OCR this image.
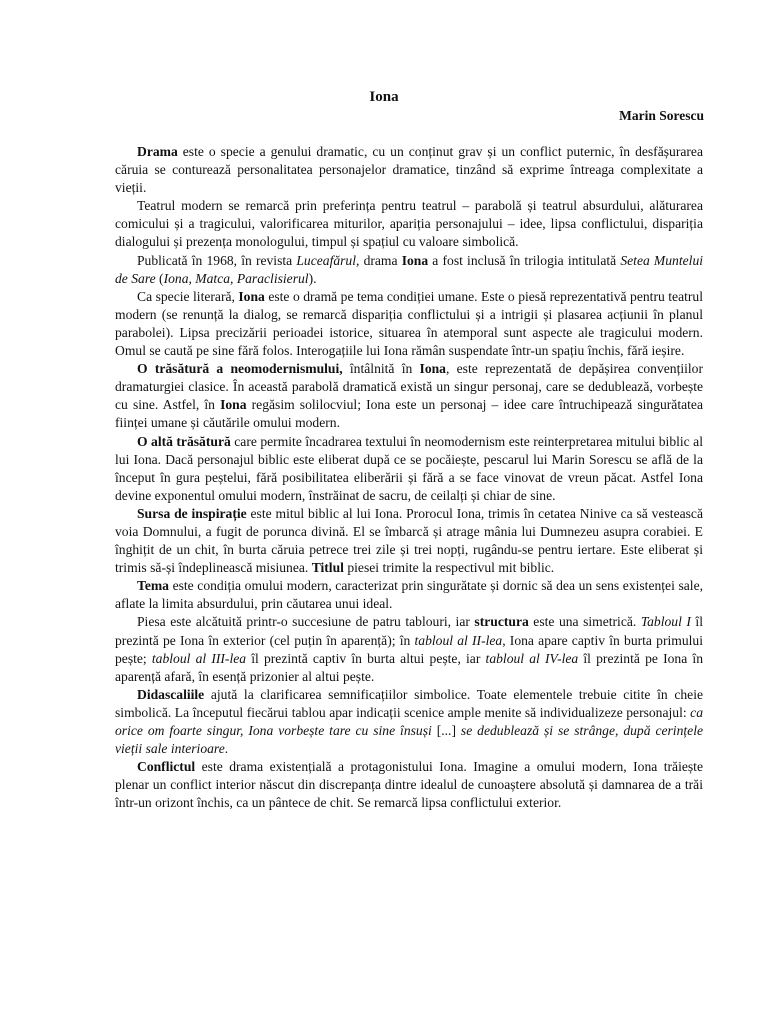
Iona
Marin Sorescu

Drama este o specie a genului dramatic, cu un conținut grav și un conflict puternic, în desfășurarea căruia se conturează personalitatea personajelor dramatice, tinzând să exprime întreaga complexitate a vieții.

Teatrul modern se remarcă prin preferința pentru teatrul – parabolă și teatrul absurdului, alăturarea comicului și a tragicului, valorificarea miturilor, apariția personajului – idee, lipsa conflictului, dispariția dialogului și prezența monologului, timpul și spațiul cu valoare simbolică.

Publicată în 1968, în revista Luceafărul, drama Iona a fost inclusă în trilogia intitulată Setea Muntelui de Sare (Iona, Matca, Paraclisierul).

Ca specie literară, Iona este o dramă pe tema condiției umane. Este o piesă reprezentativă pentru teatrul modern (se renunță la dialog, se remarcă dispariția conflictului și a intrigii și plasarea acțiunii în planul parabolei). Lipsa precizării perioadei istorice, situarea în atemporal sunt aspecte ale tragicului modern. Omul se caută pe sine fără folos. Interogațiile lui Iona rămân suspendate într-un spațiu închis, fără ieșire.

O trăsătură a neomodernismului, întâlnită în Iona, este reprezentată de depășirea convențiilor dramaturgiei clasice. În această parabolă dramatică există un singur personaj, care se dedublează, vorbește cu sine. Astfel, în Iona regăsim solilocviul; Iona este un personaj – idee care întruchipează singurătatea ființei umane și căutările omului modern.

O altă trăsătură care permite încadrarea textului în neomodernism este reinterpretarea mitului biblic al lui Iona. Dacă personajul biblic este eliberat după ce se pocăiește, pescarul lui Marin Sorescu se află de la început în gura peștelui, fără posibilitatea eliberării și fără a se face vinovat de vreun păcat. Astfel Iona devine exponentul omului modern, înstrăinat de sacru, de ceilalți și chiar de sine.

Sursa de inspirație este mitul biblic al lui Iona. Prorocul Iona, trimis în cetatea Ninive ca să vestească voia Domnului, a fugit de porunca divină. El se îmbarcă și atrage mânia lui Dumnezeu asupra corabiei. E înghițit de un chit, în burta căruia petrece trei zile și trei nopți, rugându-se pentru iertare. Este eliberat și trimis să-și îndeplinească misiunea. Titlul piesei trimite la respectivul mit biblic.

Tema este condiția omului modern, caracterizat prin singurătate și dornic să dea un sens existenței sale, aflate la limita absurdului, prin căutarea unui ideal.

Piesa este alcătuită printr-o succesiune de patru tablouri, iar structura este una simetrică. Tabloul I îl prezintă pe Iona în exterior (cel puțin în aparență); în tabloul al II-lea, Iona apare captiv în burta primului pește; tabloul al III-lea îl prezintă captiv în burta altui pește, iar tabloul al IV-lea îl prezintă pe Iona în aparență afară, în esență prizonier al altui pește.

Didascaliile ajută la clarificarea semnificațiilor simbolice. Toate elementele trebuie citite în cheie simbolică. La începutul fiecărui tablou apar indicații scenice ample menite să individualizeze personajul: ca orice om foarte singur, Iona vorbește tare cu sine însuși [...] se dedublează și se strânge, după cerințele vieții sale interioare.

Conflictul este drama existențială a protagonistului Iona. Imagine a omului modern, Iona trăiește plenar un conflict interior născut din discrepanța dintre idealul de cunoaștere absolută și damnarea de a trăi într-un orizont închis, ca un pântece de chit. Se remarcă lipsa conflictului exterior.
